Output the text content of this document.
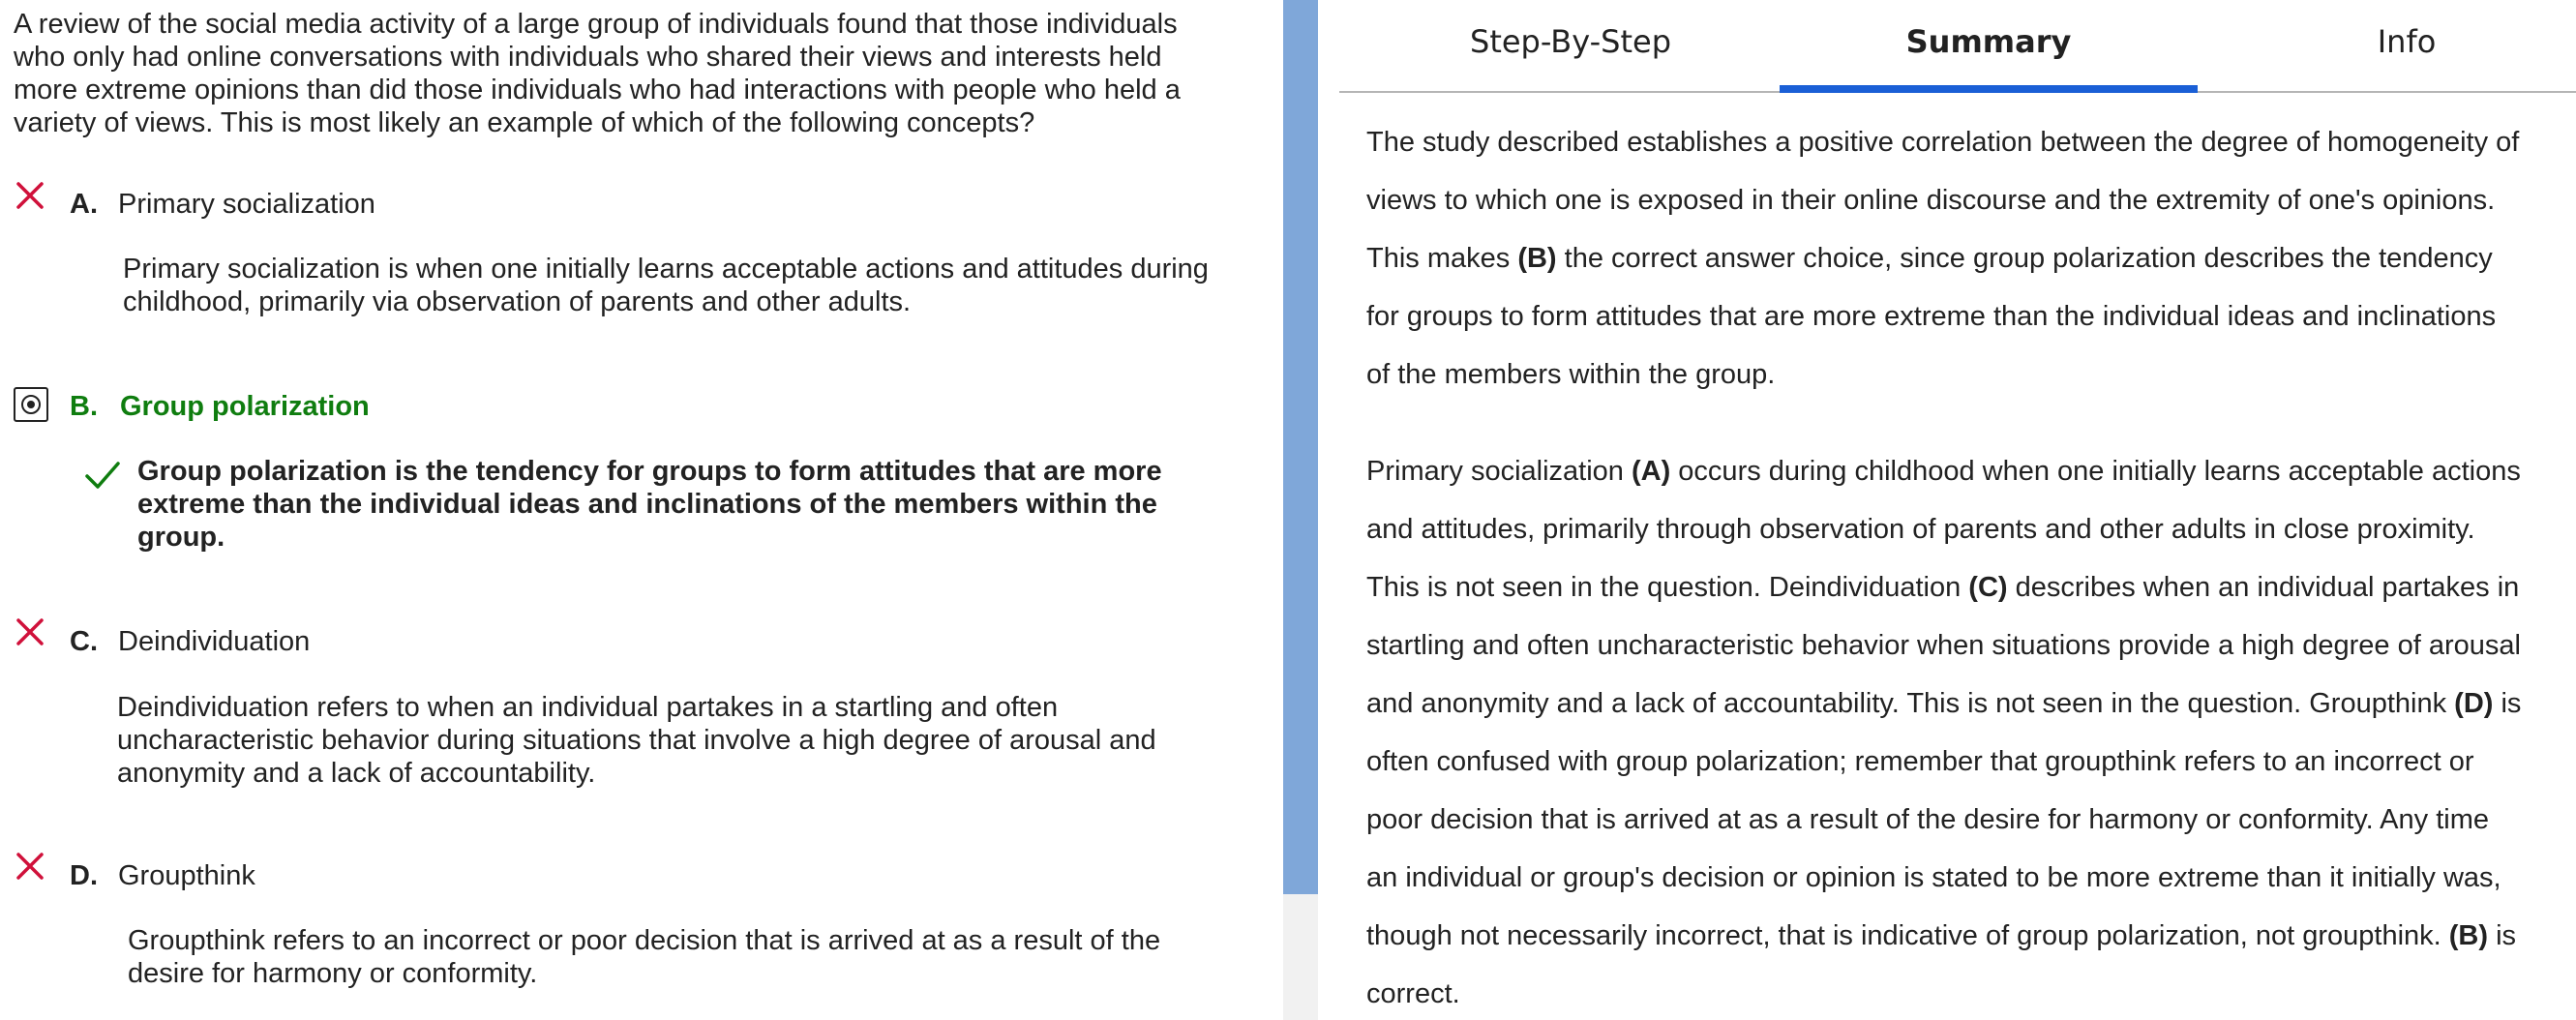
A review of the social media activity of a large group of individuals found that those individuals
who only had online conversations with individuals who shared their views and interests held
more extreme opinions than did those individuals who had interactions with people who held a
variety of views. This is most likely an example of which of the following concepts?

A. Primary socialization

Primary socialization is when one initially learns acceptable actions and attitudes during
childhood, primarily via observation of parents and other adults.

B. Group polarization

Group polarization is the tendency for groups to form attitudes that are more
extreme than the individual ideas and inclinations of the members within the
group.

C. Deindividuation

Deindividuation refers to when an individual partakes in a startling and often
uncharacteristic behavior during situations that involve a high degree of arousal and
anonymity and a lack of accountability.

D. Groupthink

Groupthink refers to an incorrect or poor decision that is arrived at as a result of the
desire for harmony or conformity.

Step-By-Step	Summary	Info

The study described establishes a positive correlation between the degree of homogeneity of
views to which one is exposed in their online discourse and the extremity of one's opinions.
This makes (B) the correct answer choice, since group polarization describes the tendency
for groups to form attitudes that are more extreme than the individual ideas and inclinations
of the members within the group.

Primary socialization (A) occurs during childhood when one initially learns acceptable actions
and attitudes, primarily through observation of parents and other adults in close proximity.
This is not seen in the question. Deindividuation (C) describes when an individual partakes in
startling and often uncharacteristic behavior when situations provide a high degree of arousal
and anonymity and a lack of accountability. This is not seen in the question. Groupthink (D) is
often confused with group polarization; remember that groupthink refers to an incorrect or
poor decision that is arrived at as a result of the desire for harmony or conformity. Any time
an individual or group's decision or opinion is stated to be more extreme than it initially was,
though not necessarily incorrect, that is indicative of group polarization, not groupthink. (B) is
correct.
